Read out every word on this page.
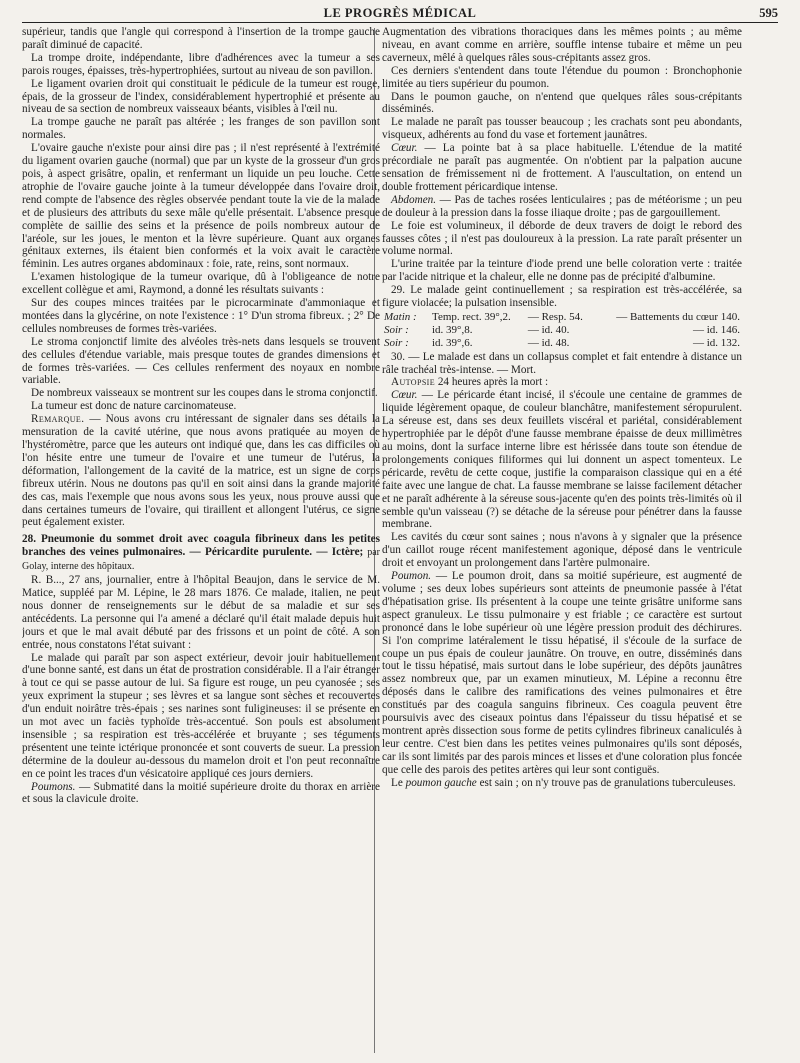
LE PROGRÈS MÉDICAL	595

supérieur, tandis que l'angle qui correspond à l'insertion de la trompe gauche paraît diminué de capacité.

La trompe droite, indépendante, libre d'adhérences avec la tumeur a ses parois rouges, épaisses, très-hypertrophiées, surtout au niveau de son pavillon.

Le ligament ovarien droit qui constituait le pédicule de la tumeur est rouge, épais, de la grosseur de l'index, considérablement hypertrophié et présente au niveau de sa section de nombreux vaisseaux béants, visibles à l'œil nu.

La trompe gauche ne paraît pas altérée ; les franges de son pavillon sont normales.

L'ovaire gauche n'existe pour ainsi dire pas ; il n'est représenté à l'extrémité du ligament ovarien gauche (normal) que par un kyste de la grosseur d'un gros pois, à aspect grisâtre, opalin, et renfermant un liquide un peu louche. Cette atrophie de l'ovaire gauche jointe à la tumeur développée dans l'ovaire droit, rend compte de l'absence des règles observée pendant toute la vie de la malade et de plusieurs des attributs du sexe mâle qu'elle présentait. L'absence presque complète de saillie des seins et la présence de poils nombreux autour de l'aréole, sur les joues, le menton et la lèvre supérieure. Quant aux organes génitaux externes, ils étaient bien conformés et la voix avait le caractère féminin. Les autres organes abdominaux : foie, rate, reins, sont normaux.

L'examen histologique de la tumeur ovarique, dû à l'obligeance de notre excellent collègue et ami, Raymond, a donné les résultats suivants :

Sur des coupes minces traitées par le picrocarminate d'ammoniaque et montées dans la glycérine, on note l'existence : 1° D'un stroma fibreux. ; 2° De cellules nombreuses de formes très-variées.

Le stroma conjonctif limite des alvéoles très-nets dans lesquels se trouvent des cellules d'étendue variable, mais presque toutes de grandes dimensions et de formes très-variées. — Ces cellules renferment des noyaux en nombre variable.

De nombreux vaisseaux se montrent sur les coupes dans le stroma conjonctif.

La tumeur est donc de nature carcinomateuse.

Remarque. — Nous avons cru intéressant de signaler dans ses détails la mensuration de la cavité utérine, que nous avons pratiquée au moyen de l'hystéromètre, parce que les auteurs ont indiqué que, dans les cas difficiles où l'on hésite entre une tumeur de l'ovaire et une tumeur de l'utérus, la déformation, l'allongement de la cavité de la matrice, est un signe de corps fibreux utérin. Nous ne doutons pas qu'il en soit ainsi dans la grande majorité des cas, mais l'exemple que nous avons sous les yeux, nous prouve aussi que dans certaines tumeurs de l'ovaire, qui tiraillent et allongent l'utérus, ce signe peut également exister.

28. Pneumonie du sommet droit avec coagula fibrineux dans les petites branches des veines pulmonaires. — Péricardite purulente. — Ictère; par Golay, interne des hôpitaux.

R. B..., 27 ans, journalier, entre à l'hôpital Beaujon, dans le service de M. Matice, suppléé par M. Lépine, le 28 mars 1876. Ce malade, italien, ne peut nous donner de renseignements sur le début de sa maladie et sur ses antécédents. La personne qui l'a amené a déclaré qu'il était malade depuis huit jours et que le mal avait débuté par des frissons et un point de côté. A son entrée, nous constatons l'état suivant :

Le malade qui paraît par son aspect extérieur, devoir jouir habituellement d'une bonne santé, est dans un état de prostration considérable. Il a l'air étranger à tout ce qui se passe autour de lui. Sa figure est rouge, un peu cyanosée ; ses yeux expriment la stupeur ; ses lèvres et sa langue sont sèches et recouvertes d'un enduit noirâtre très-épais ; ses narines sont fuligineuses: il se présente en un mot avec un faciès typhoïde très-accentué. Son pouls est absolument insensible ; sa respiration est très-accélérée et bruyante ; ses téguments présentent une teinte ictérique prononcée et sont couverts de sueur. La pression détermine de la douleur au-dessous du mamelon droit et l'on peut reconnaître en ce point les traces d'un vésicatoire appliqué ces jours derniers.

Poumons. — Submatité dans la moitié supérieure droite du thorax en arrière et sous la clavicule droite.

Augmentation des vibrations thoraciques dans les mêmes points ; au même niveau, en avant comme en arrière, souffle intense tubaire et même un peu caverneux, mêlé à quelques râles sous-crépitants assez gros.

Ces derniers s'entendent dans toute l'étendue du poumon : Bronchophonie limitée au tiers supérieur du poumon.

Dans le poumon gauche, on n'entend que quelques râles sous-crépitants disséminés.

Le malade ne paraît pas tousser beaucoup ; les crachats sont peu abondants, visqueux, adhérents au fond du vase et fortement jaunâtres.

Cœur. — La pointe bat à sa place habituelle. L'étendue de la matité précordiale ne paraît pas augmentée. On n'obtient par la palpation aucune sensation de frémissement ni de frottement. A l'auscultation, on entend un double frottement péricardique intense.

Abdomen. — Pas de taches rosées lenticulaires ; pas de météorisme ; un peu de douleur à la pression dans la fosse iliaque droite ; pas de gargouillement.

Le foie est volumineux, il déborde de deux travers de doigt le rebord des fausses côtes ; il n'est pas douloureux à la pression. La rate paraît présenter un volume normal.

L'urine traitée par la teinture d'iode prend une belle coloration verte : traitée par l'acide nitrique et la chaleur, elle ne donne pas de précipité d'albumine.

29. Le malade geint continuellement ; sa respiration est très-accélérée, sa figure violacée; la pulsation insensible.

Matin :	Temp. rect. 39°,2.	— Resp. 54.	— Battements du cœur 140.
Soir :	id. 39°,8.	— id. 40.	— id. 146.
Soir :	id. 39°,6.	— id. 48.	— id. 132.

30. — Le malade est dans un collapsus complet et fait entendre à distance un râle trachéal très-intense. — Mort.

Autopsie 24 heures après la mort :

Cœur. — Le péricarde étant incisé, il s'écoule une centaine de grammes de liquide légèrement opaque, de couleur blanchâtre, manifestement séropurulent. La séreuse est, dans ses deux feuillets viscéral et pariétal, considérablement hypertrophiée par le dépôt d'une fausse membrane épaisse de deux millimètres au moins, dont la surface interne libre est hérissée dans toute son étendue de prolongements coniques filiformes qui lui donnent un aspect tomenteux. Le péricarde, revêtu de cette coque, justifie la comparaison classique qui en a été faite avec une langue de chat. La fausse membrane se laisse facilement détacher et ne paraît adhérente à la séreuse sous-jacente qu'en des points très-limités où il semble qu'un vaisseau (?) se détache de la séreuse pour pénétrer dans la fausse membrane.

Les cavités du cœur sont saines ; nous n'avons à y signaler que la présence d'un caillot rouge récent manifestement agonique, déposé dans le ventricule droit et envoyant un prolongement dans l'artère pulmonaire.

Poumon. — Le poumon droit, dans sa moitié supérieure, est augmenté de volume ; ses deux lobes supérieurs sont atteints de pneumonie passée à l'état d'hépatisation grise. Ils présentent à la coupe une teinte grisâtre uniforme sans aspect granuleux. Le tissu pulmonaire y est friable ; ce caractère est surtout prononcé dans le lobe supérieur où une légère pression produit des déchirures. Si l'on comprime latéralement le tissu hépatisé, il s'écoule de la surface de coupe un pus épais de couleur jaunâtre. On trouve, en outre, disséminés dans tout le tissu hépatisé, mais surtout dans le lobe supérieur, des dépôts jaunâtres assez nombreux que, par un examen minutieux, M. Lépine a reconnu être déposés dans le calibre des ramifications des veines pulmonaires et être constitués par des coagula sanguins fibrineux. Ces coagula peuvent être poursuivis avec des ciseaux pointus dans l'épaisseur du tissu hépatisé et se montrent après dissection sous forme de petits cylindres fibrineux canaliculés à leur centre. C'est bien dans les petites veines pulmonaires qu'ils sont déposés, car ils sont limités par des parois minces et lisses et d'une coloration plus foncée que celle des parois des petites artères qui leur sont contiguës.

Le poumon gauche est sain ; on n'y trouve pas de granulations tuberculeuses.
